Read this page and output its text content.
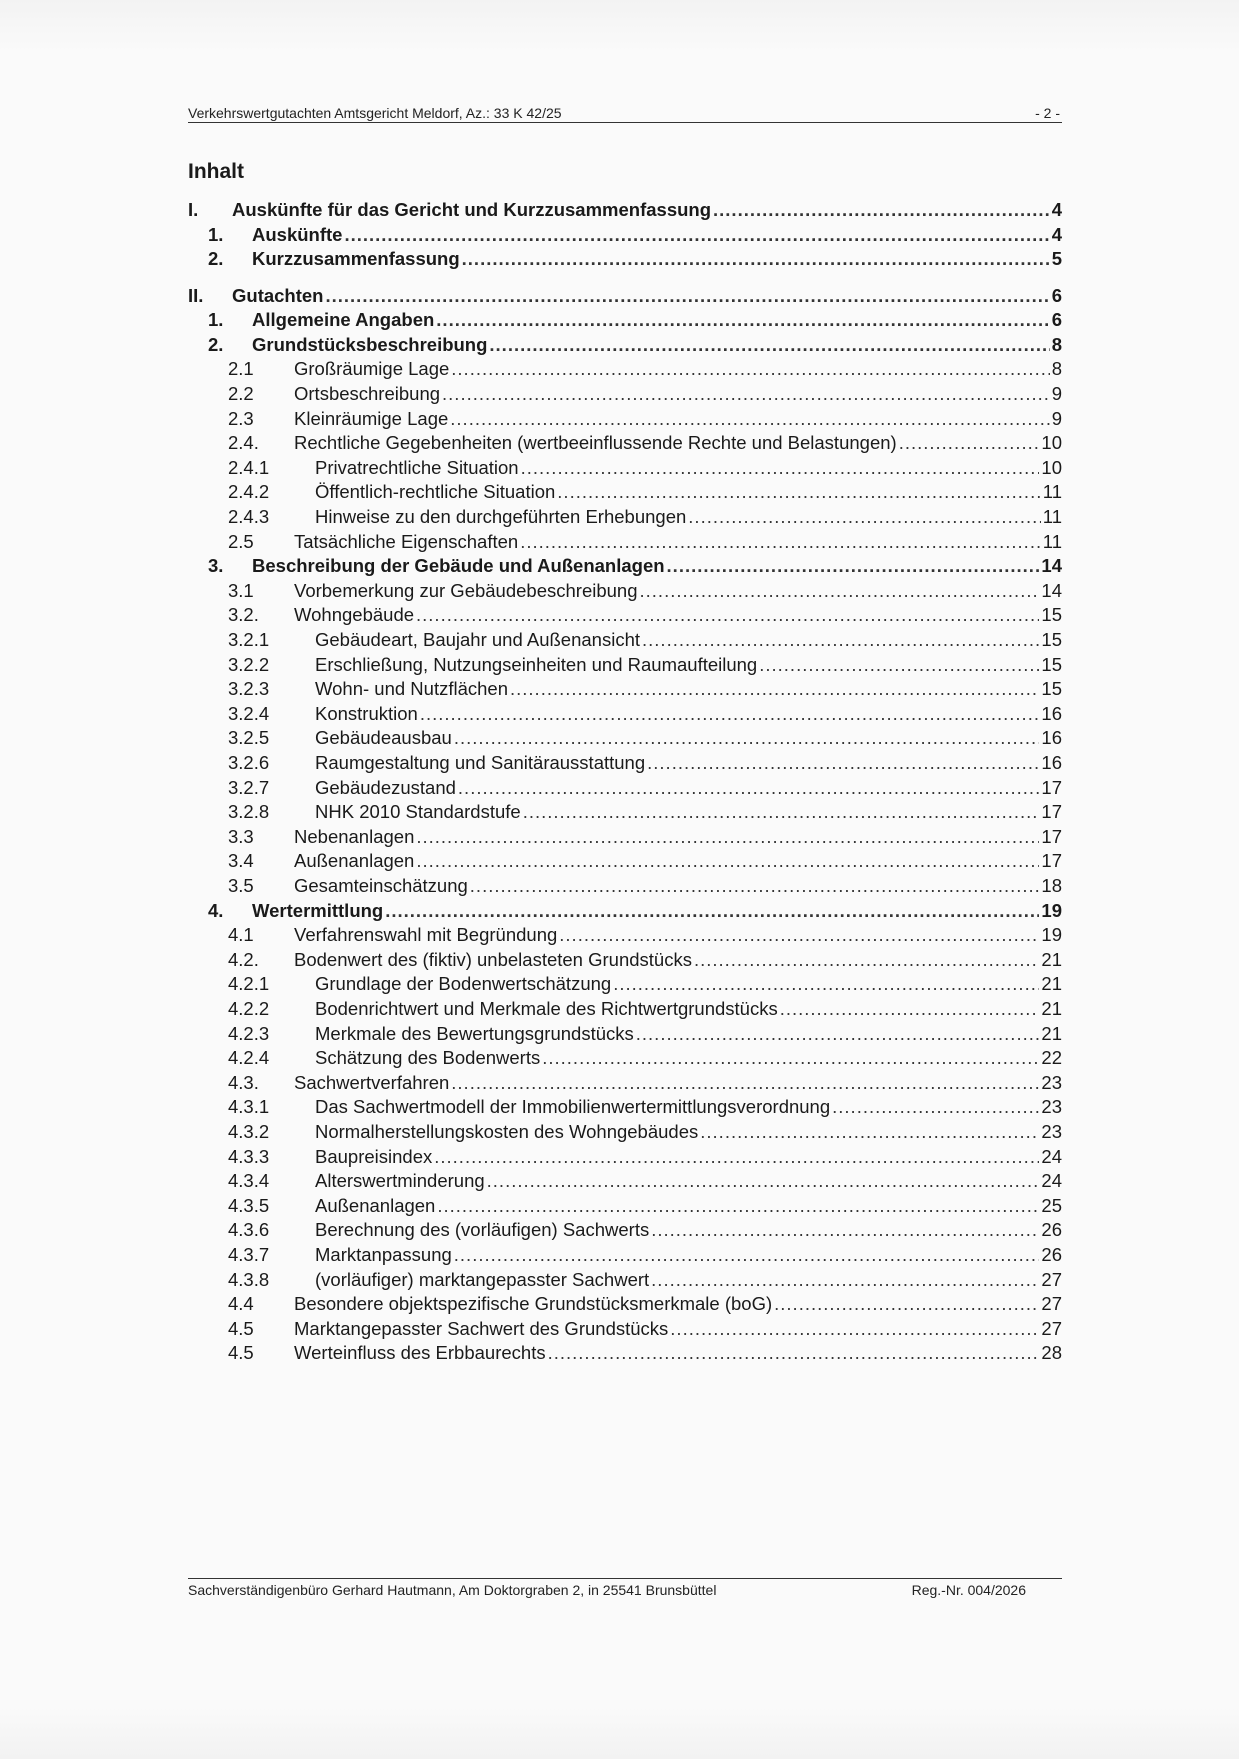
Verkehrswertgutachten Amtsgericht Meldorf, Az.: 33 K 42/25	- 2 -
Inhalt
I. Auskünfte für das Gericht und Kurzzusammenfassung .....	4
1. Auskünfte .....	4
2. Kurzzusammenfassung .....	5
II. Gutachten .....	6
1. Allgemeine Angaben .....	6
2. Grundstücksbeschreibung .....	8
2.1 Großräumige Lage .....	8
2.2 Ortsbeschreibung .....	9
2.3 Kleinräumige Lage .....	9
2.4. Rechtliche Gegebenheiten (wertbeeinflussende Rechte und Belastungen) .....	10
2.4.1 Privatrechtliche Situation .....	10
2.4.2 Öffentlich-rechtliche Situation .....	11
2.4.3 Hinweise zu den durchgeführten Erhebungen .....	11
2.5 Tatsächliche Eigenschaften .....	11
3. Beschreibung der Gebäude und Außenanlagen .....	14
3.1 Vorbemerkung zur Gebäudebeschreibung .....	14
3.2. Wohngebäude .....	15
3.2.1 Gebäudeart, Baujahr und Außenansicht .....	15
3.2.2 Erschließung, Nutzungseinheiten und Raumaufteilung .....	15
3.2.3 Wohn- und Nutzflächen .....	15
3.2.4 Konstruktion .....	16
3.2.5 Gebäudeausbau .....	16
3.2.6 Raumgestaltung und Sanitärausstattung .....	16
3.2.7 Gebäudezustand .....	17
3.2.8 NHK 2010 Standardstufe .....	17
3.3 Nebenanlagen .....	17
3.4 Außenanlagen .....	17
3.5 Gesamteinschätzung .....	18
4. Wertermittlung .....	19
4.1 Verfahrenswahl mit Begründung .....	19
4.2. Bodenwert des (fiktiv) unbelasteten Grundstücks .....	21
4.2.1 Grundlage der Bodenwertschätzung .....	21
4.2.2 Bodenrichtwert und Merkmale des Richtwertgrundstücks .....	21
4.2.3 Merkmale des Bewertungsgrundstücks .....	21
4.2.4 Schätzung des Bodenwerts .....	22
4.3. Sachwertverfahren .....	23
4.3.1 Das Sachwertmodell der Immobilienwertermittlungsverordnung .....	23
4.3.2 Normalherstellungskosten des Wohngebäudes .....	23
4.3.3 Baupreisindex .....	24
4.3.4 Alterswertminderung .....	24
4.3.5 Außenanlagen .....	25
4.3.6 Berechnung des (vorläufigen) Sachwerts .....	26
4.3.7 Marktanpassung .....	26
4.3.8 (vorläufiger) marktangepasster Sachwert .....	27
4.4 Besondere objektspezifische Grundstücksmerkmale (boG) .....	27
4.5 Marktangepasster Sachwert des Grundstücks .....	27
4.5 Werteinfluss des Erbbaurechts .....	28
Sachverständigenbüro Gerhard Hautmann, Am Doktorgraben 2, in 25541 Brunsbüttel	Reg.-Nr. 004/2026
